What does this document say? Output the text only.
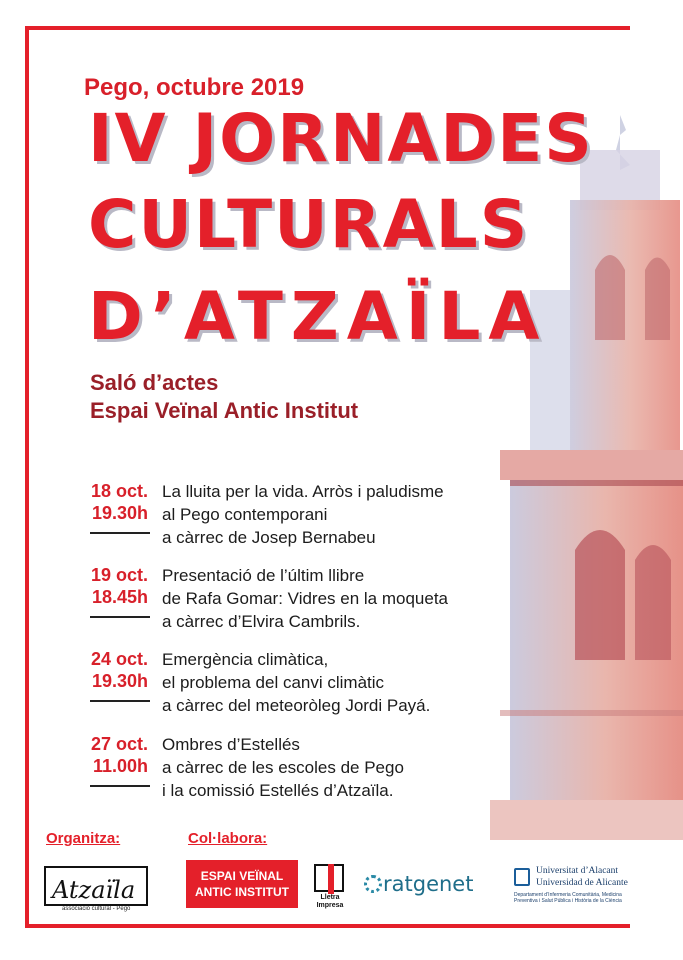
Pego, octubre 2019
IV JORNADES
CULTURALS
D’ATZAÏLA
Saló d’actes
Espai Veïnal Antic Institut
18 oct.
19.30h
La lluita per la vida. Arròs i paludisme
al Pego contemporani
a càrrec de Josep Bernabeu
19 oct.
18.45h
Presentació de l’últim llibre
de Rafa Gomar: Vidres en la moqueta
a càrrec d’Elvira Cambrils.
24 oct.
19.30h
Emergència climàtica,
el problema del canvi climàtic
a càrrec del meteoròleg Jordi Payá.
27 oct.
11.00h
Ombres d’Estellés
a càrrec de les escoles de Pego
i la comissió Estellés d’Atzaïla.
Organitza:	Col·labora:
Atzaïla
associació cultural - Pego
ESPAI VEÏNAL
ANTIC INSTITUT	Lletra
Impresa
ratgenet
Universitat d’Alacant
Universidad de Alicante
Departament d’Infermeria Comunitària, Medicina Preventiva i Salut Pública i Història de la Ciència
